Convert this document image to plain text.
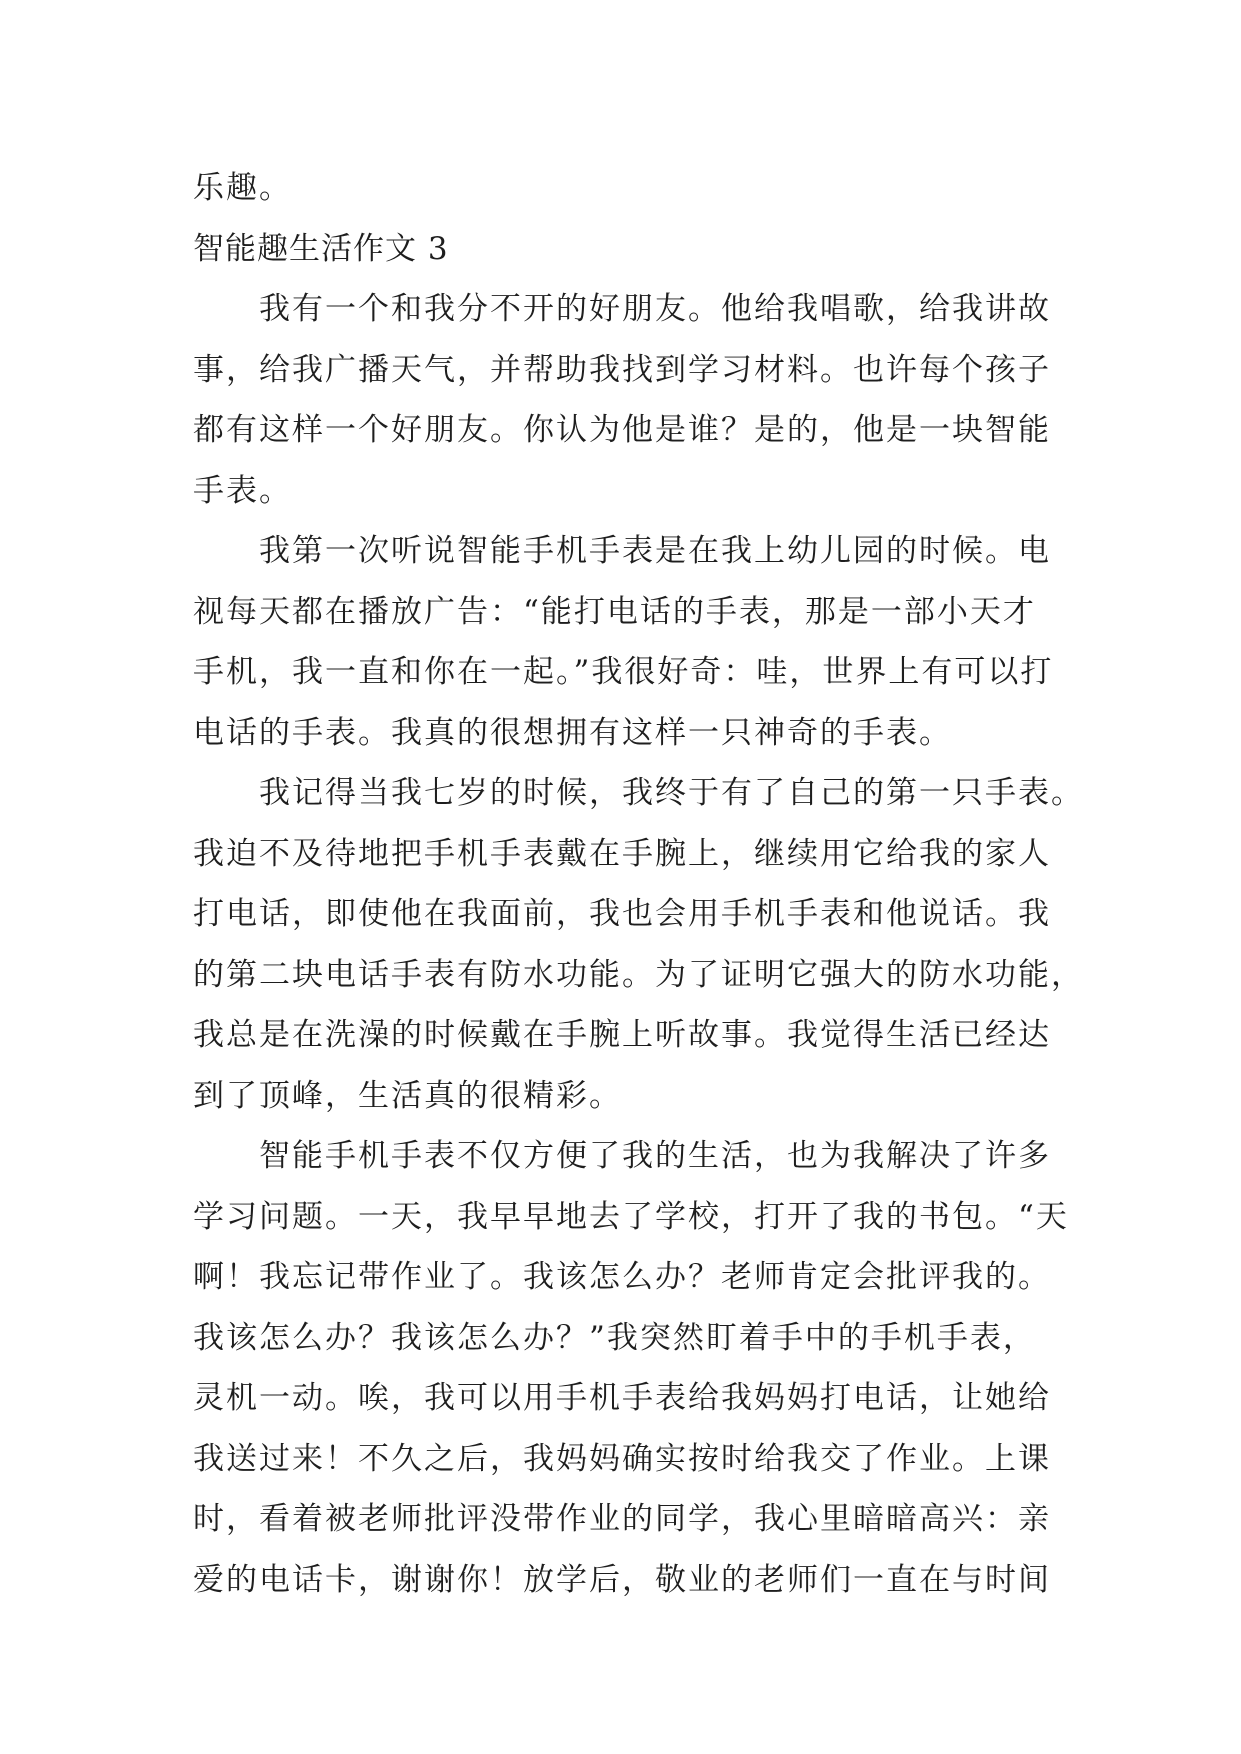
乐趣。
智能趣生活作文 3
　　我有一个和我分不开的好朋友。他给我唱歌，给我讲故
事，给我广播天气，并帮助我找到学习材料。也许每个孩子
都有这样一个好朋友。你认为他是谁？是的，他是一块智能
手表。
　　我第一次听说智能手机手表是在我上幼儿园的时候。电
视每天都在播放广告：“能打电话的手表，那是一部小天才
手机，我一直和你在一起。”我很好奇：哇，世界上有可以打
电话的手表。我真的很想拥有这样一只神奇的手表。
　　我记得当我七岁的时候，我终于有了自己的第一只手表。
我迫不及待地把手机手表戴在手腕上，继续用它给我的家人
打电话，即使他在我面前，我也会用手机手表和他说话。我
的第二块电话手表有防水功能。为了证明它强大的防水功能，
我总是在洗澡的时候戴在手腕上听故事。我觉得生活已经达
到了顶峰，生活真的很精彩。
　　智能手机手表不仅方便了我的生活，也为我解决了许多
学习问题。一天，我早早地去了学校，打开了我的书包。“天
啊！我忘记带作业了。我该怎么办？老师肯定会批评我的。
我该怎么办？我该怎么办？”我突然盯着手中的手机手表，
灵机一动。唉，我可以用手机手表给我妈妈打电话，让她给
我送过来！不久之后，我妈妈确实按时给我交了作业。上课
时，看着被老师批评没带作业的同学，我心里暗暗高兴：亲
爱的电话卡，谢谢你！放学后，敬业的老师们一直在与时间
